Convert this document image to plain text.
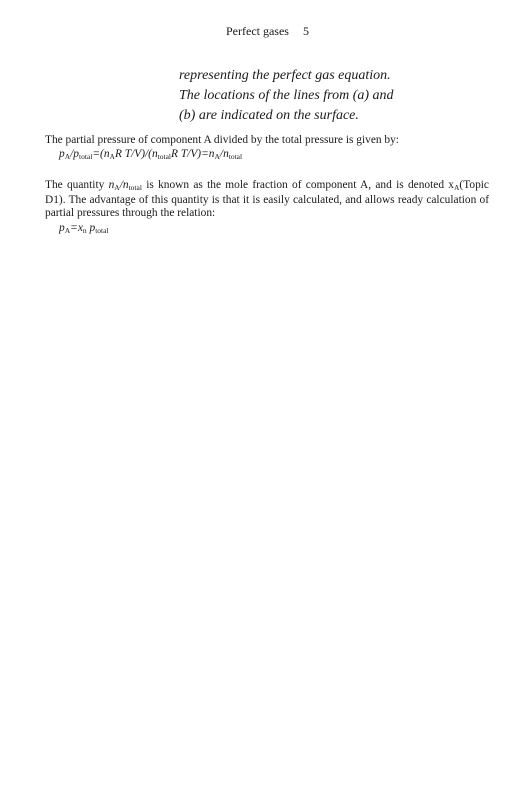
Perfect gases 5
representing the perfect gas equation.
The locations of the lines from (a) and
(b) are indicated on the surface.
The partial pressure of component A divided by the total pressure is given by:
$p_A/p_{total}=(n_AR$ $T/V)/(n_{total}R$ $T/V)=n_A/n_{total}$
The quantity $n_A/n_{total}$ is known as the mole fraction of component A, and is denoted $x_A(Topic$ D1). The advantage of this quantity is that it is easily calculated, and allows ready calculation of partial pressures through the relation:
$p_A=x_n$ $p_{total}$
